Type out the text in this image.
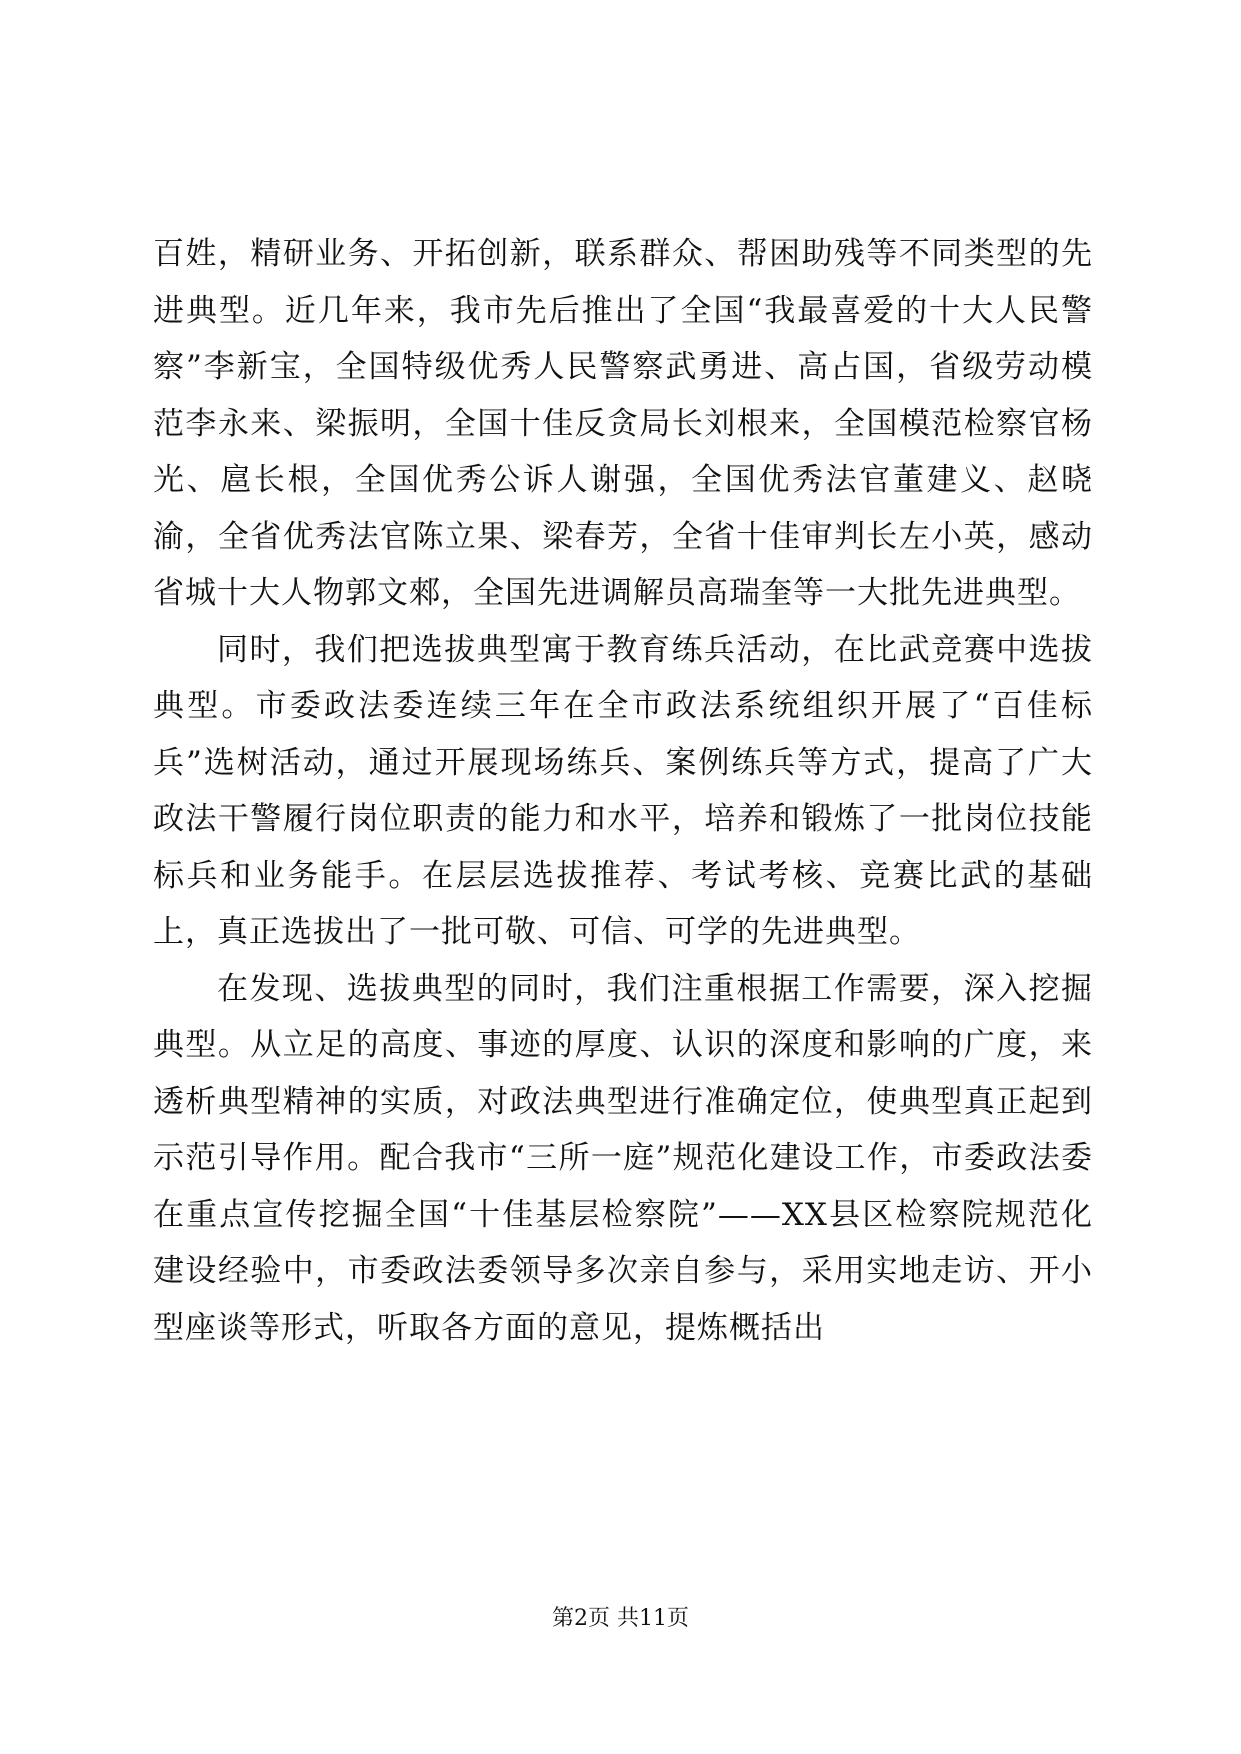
百姓，精研业务、开拓创新，联系群众、帮困助残等不同类型的先进典型。近几年来，我市先后推出了全国“我最喜爱的十大人民警察”李新宝，全国特级优秀人民警察武勇进、高占国，省级劳动模范李永来、梁振明，全国十佳反贪局长刘根来，全国模范检察官杨光、扈长根，全国优秀公诉人谢强，全国优秀法官董建义、赵晓渝，全省优秀法官陈立果、梁春芳，全省十佳审判长左小英，感动省城十大人物郭文郲，全国先进调解员高瑞奎等一大批先进典型。

同时，我们把选拔典型寓于教育练兵活动，在比武竞赛中选拔典型。市委政法委连续三年在全市政法系统组织开展了“百佳标兵”选树活动，通过开展现场练兵、案例练兵等方式，提高了广大政法干警履行岗位职责的能力和水平，培养和锻炼了一批岗位技能标兵和业务能手。在层层选拔推荐、考试考核、竞赛比武的基础上，真正选拔出了一批可敬、可信、可学的先进典型。

在发现、选拔典型的同时，我们注重根据工作需要，深入挖掘典型。从立足的高度、事迹的厚度、认识的深度和影响的广度，来透析典型精神的实质，对政法典型进行准确定位，使典型真正起到示范引导作用。配合我市“三所一庭”规范化建设工作，市委政法委在重点宣传挖掘全国“十佳基层检察院”——XX县区检察院规范化建设经验中，市委政法委领导多次亲自参与，采用实地走访、开小型座谈等形式，听取各方面的意见，提炼概括出

第2页 共11页
